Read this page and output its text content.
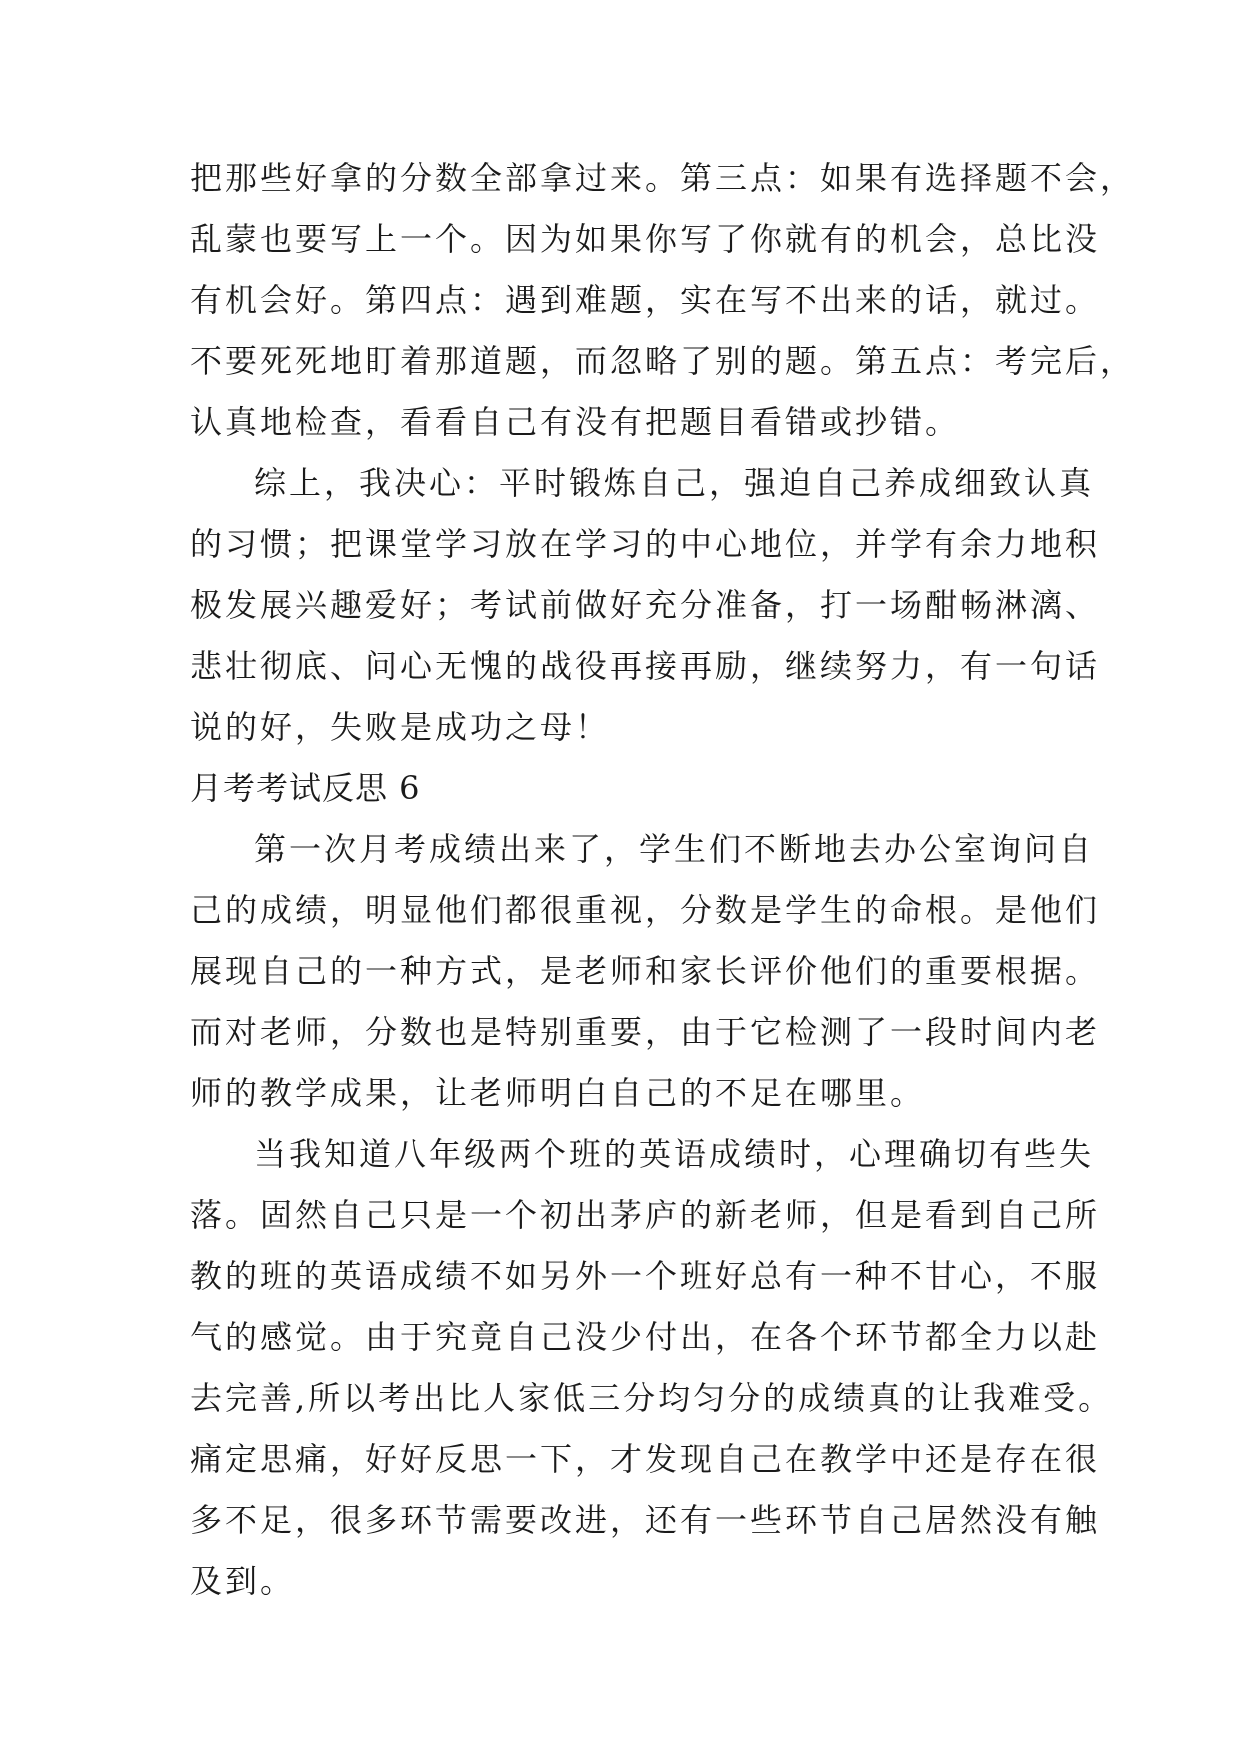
把那些好拿的分数全部拿过来。第三点：如果有选择题不会，
乱蒙也要写上一个。因为如果你写了你就有的机会，总比没
有机会好。第四点：遇到难题，实在写不出来的话，就过。
不要死死地盯着那道题，而忽略了别的题。第五点：考完后，
认真地检查，看看自己有没有把题目看错或抄错。
综上，我决心：平时锻炼自己，强迫自己养成细致认真
的习惯；把课堂学习放在学习的中心地位，并学有余力地积
极发展兴趣爱好；考试前做好充分准备，打一场酣畅淋漓、
悲壮彻底、问心无愧的战役再接再励，继续努力，有一句话
说的好，失败是成功之母！
月考考试反思 6
第一次月考成绩出来了，学生们不断地去办公室询问自
己的成绩，明显他们都很重视，分数是学生的命根。是他们
展现自己的一种方式，是老师和家长评价他们的重要根据。
而对老师，分数也是特别重要，由于它检测了一段时间内老
师的教学成果，让老师明白自己的不足在哪里。
当我知道八年级两个班的英语成绩时，心理确切有些失
落。固然自己只是一个初出茅庐的新老师，但是看到自己所
教的班的英语成绩不如另外一个班好总有一种不甘心，不服
气的感觉。由于究竟自己没少付出，在各个环节都全力以赴
去完善,所以考出比人家低三分均匀分的成绩真的让我难受。
痛定思痛，好好反思一下，才发现自己在教学中还是存在很
多不足，很多环节需要改进，还有一些环节自己居然没有触
及到。
